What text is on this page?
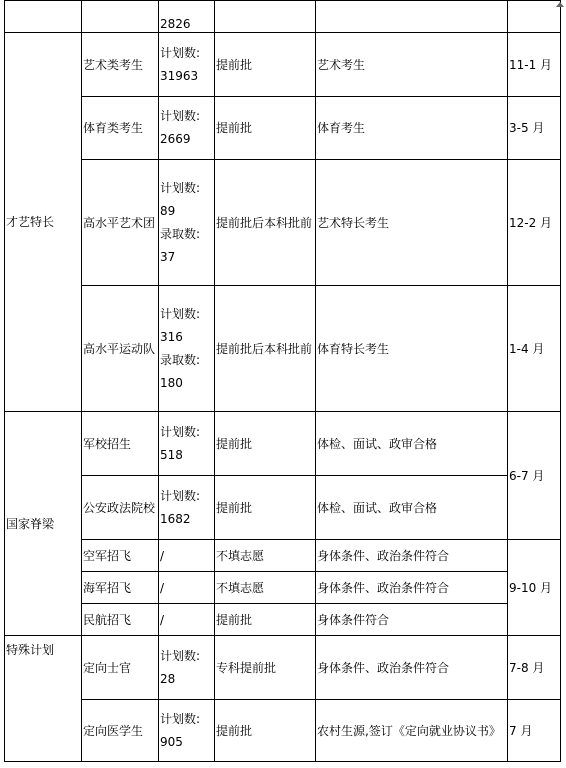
		2826			
才艺特长	艺术类考生	计划数:
31963	提前批	艺术考生	11-1 月
	体育类考生	计划数:
2669	提前批	体育考生	3-5 月
	高水平艺术团	计划数:
89
录取数:
37	提前批后本科批前	艺术特长考生	12-2 月
	高水平运动队	计划数:
316
录取数:
180	提前批后本科批前	体育特长考生	1-4 月
国家脊梁	军校招生	计划数:
518	提前批	体检、面试、政审合格	6-7 月
	公安政法院校	计划数:
1682	提前批	体检、面试、政审合格	
	空军招飞	/	不填志愿	身体条件、政治条件符合	9-10 月
	海军招飞	/	不填志愿	身体条件、政治条件符合	
	民航招飞	/	提前批	身体条件符合	
特殊计划	定向士官	计划数:
28	专科提前批	身体条件、政治条件符合	7-8 月
	定向医学生	计划数:
905	提前批	农村生源,签订《定向就业协议书》	7 月
